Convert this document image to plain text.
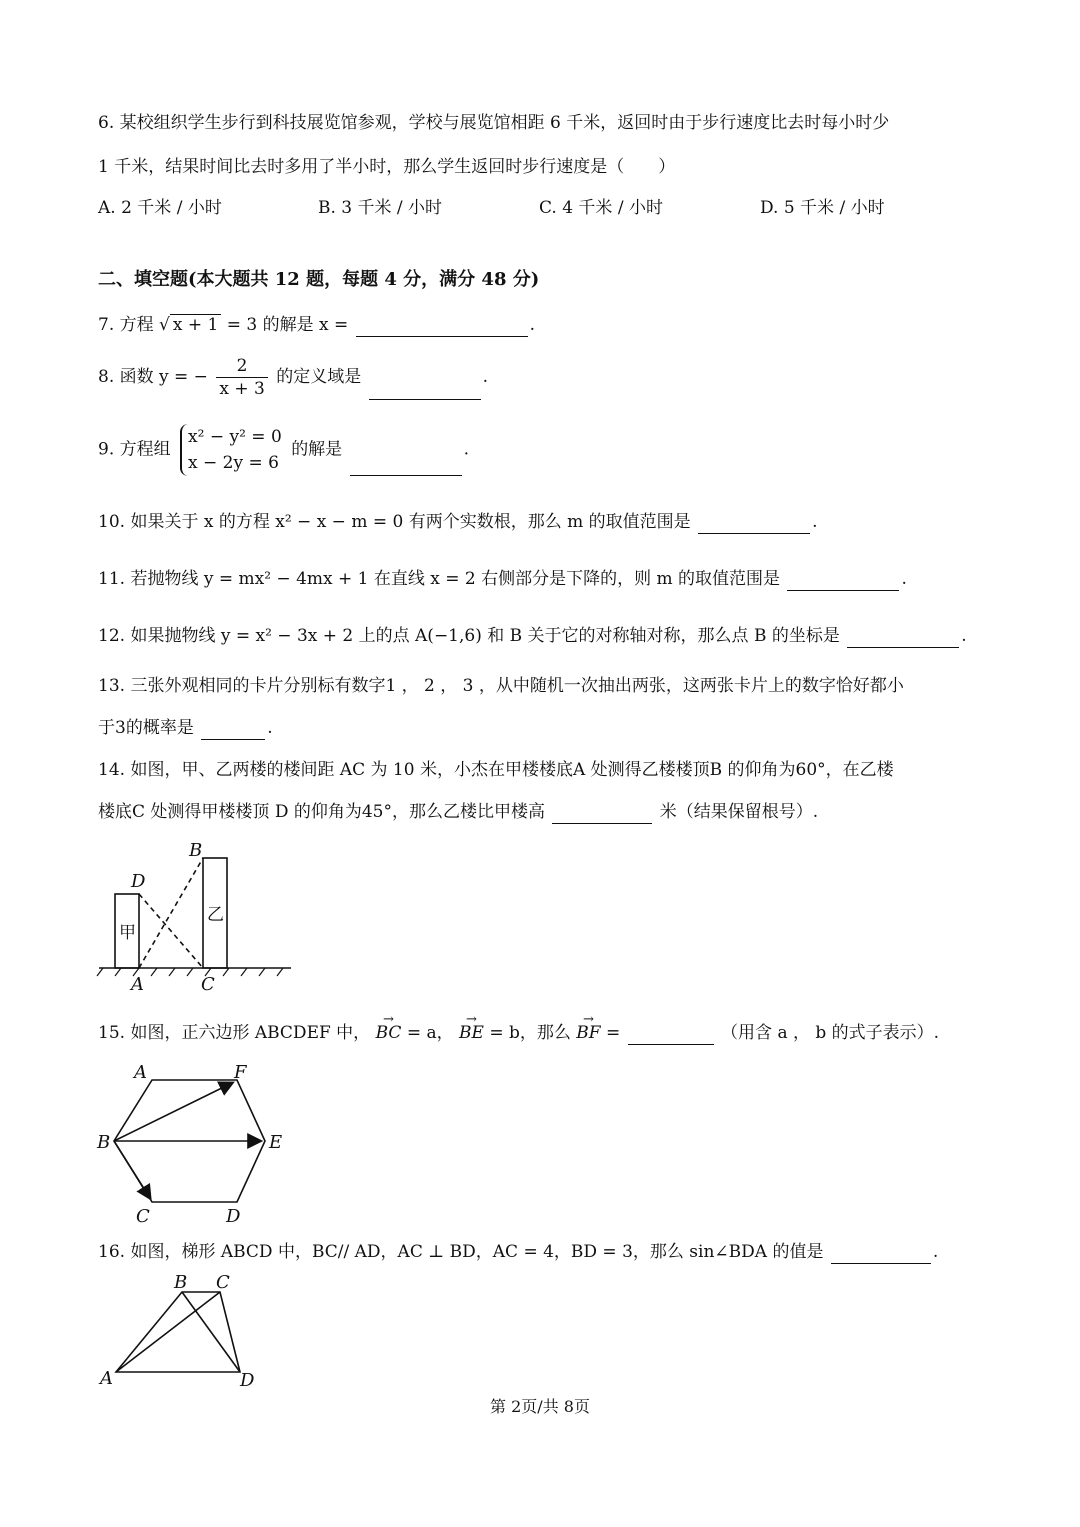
6. 某校组织学生步行到科技展览馆参观，学校与展览馆相距 6 千米，返回时由于步行速度比去时每小时少
1 千米，结果时间比去时多用了半小时，那么学生返回时步行速度是（　　）
A. 2 千米 / 小时	B. 3 千米 / 小时	C. 4 千米 / 小时	D. 5 千米 / 小时
二、填空题(本大题共 12 题，每题 4 分，满分 48 分)
7. 方程 √ x + 1 = 3 的解是 x =	.
8. 函数 y = − $\frac{2}{x + 3}$ 的定义域是	.
9. 方程组
x² − y² = 0
x − 2y = 6
的解是	.
10. 如果关于 x 的方程 x² − x − m = 0 有两个实数根，那么 m 的取值范围是	.
11. 若抛物线 y = mx² − 4mx + 1 在直线 x = 2 右侧部分是下降的，则 m 的取值范围是	.
12. 如果抛物线 y = x² − 3x + 2 上的点 A(−1,6) 和 B 关于它的对称轴对称，那么点 B 的坐标是	.
13. 三张外观相同的卡片分别标有数字1 ， 2 ， 3 ，从中随机一次抽出两张，这两张卡片上的数字恰好都小
于3的概率是	.
14. 如图，甲、乙两楼的楼间距 AC 为 10 米，小杰在甲楼楼底A 处测得乙楼楼顶B 的仰角为60°，在乙楼
楼底C 处测得甲楼楼顶 D 的仰角为45°，那么乙楼比甲楼高	米（结果保留根号）.
B
D
A	C
甲
乙
15. 如图，正六边形 ABCDEF 中， → BC = a， → BE = b，那么 → BF =	（用含 a ， b 的式子表示）.
A	F
B	E
C	D
16. 如图，梯形 ABCD 中，BC// AD，AC ⊥ BD，AC = 4，BD = 3，那么 sin∠BDA 的值是	.
B C
A	D
第 2页/共 8页
